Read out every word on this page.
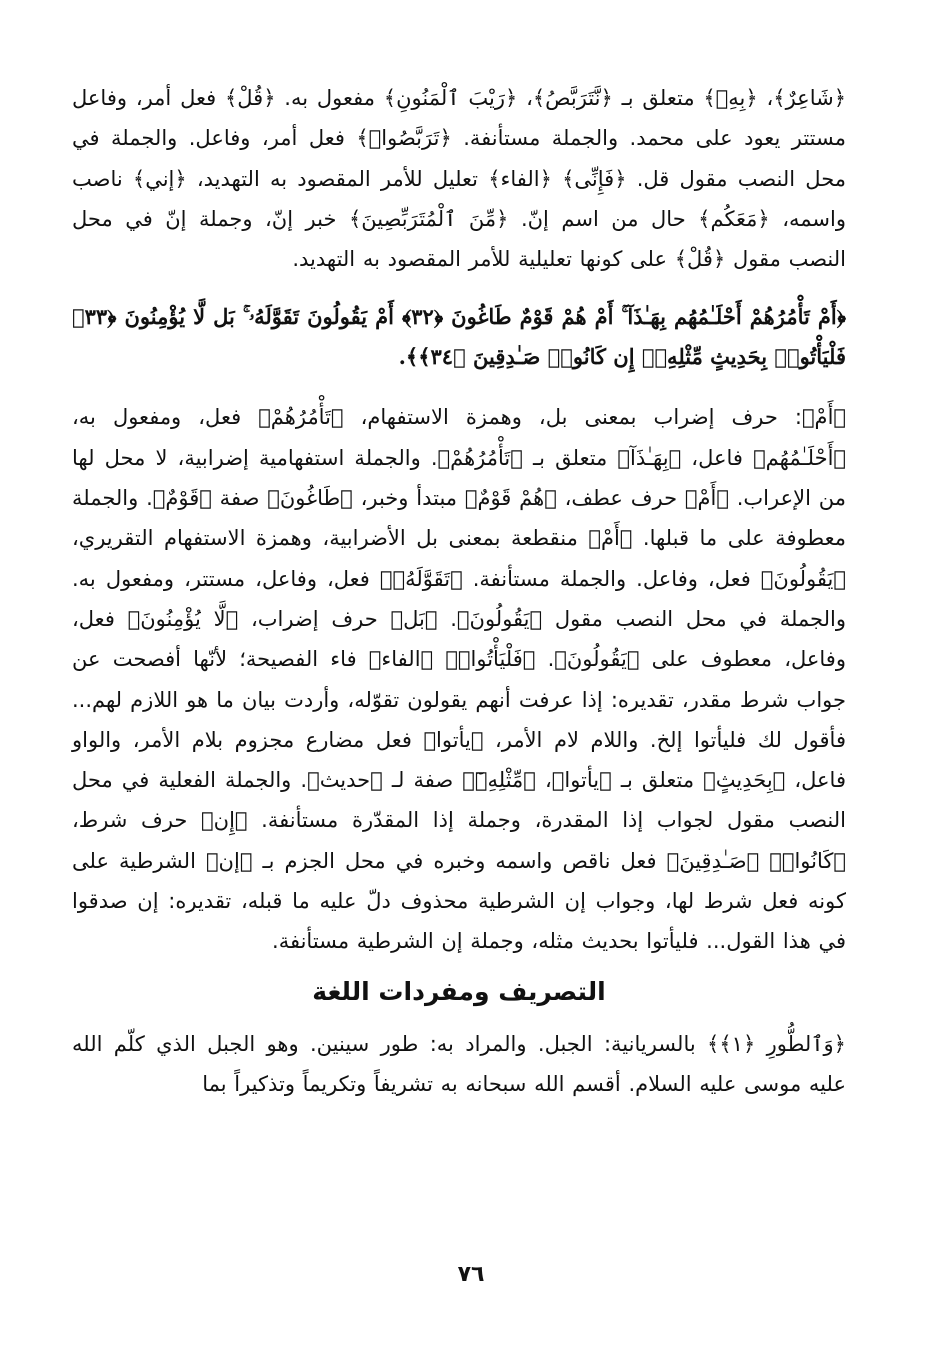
﴿شَاعِرٌ﴾، ﴿بِهِۦ﴾ متعلق بـ ﴿نَّتَرَبَّصُ﴾، ﴿رَيْبَ ٱلْمَنُونِ﴾ مفعول به. ﴿قُلْ﴾ فعل أمر، وفاعل مستتر يعود على محمد. والجملة مستأنفة. ﴿تَرَبَّصُوا۟﴾ فعل أمر، وفاعل. والجملة في محل النصب مقول قل. ﴿فَإِنِّى﴾ ﴿الفاء﴾ تعليل للأمر المقصود به التهديد، ﴿إني﴾ ناصب واسمه، ﴿مَعَكُم﴾ حال من اسم إنّ. ﴿مِّنَ ٱلْمُتَرَبِّصِينَ﴾ خبر إنّ، وجملة إنّ في محل النصب مقول ﴿قُلْ﴾ على كونها تعليلية للأمر المقصود به التهديد.

﴿أَمْ تَأْمُرُهُمْ أَحْلَـٰمُهُم بِهَـٰذَآ ۚ أَمْ هُمْ قَوْمٌ طَاغُونَ ﴿٣٢﴾ أَمْ يَقُولُونَ تَقَوَّلَهُۥ ۚ بَل لَّا يُؤْمِنُونَ ﴿٣٣﴾ فَلْيَأْتُوا۟ بِحَدِيثٍ مِّثْلِهِۦٓ إِن كَانُوا۟ صَـٰدِقِينَ ﴿٣٤﴾﴾.

﴿أَمْ﴾: حرف إضراب بمعنى بل، وهمزة الاستفهام، ﴿تَأْمُرُهُمْ﴾ فعل، ومفعول به، ﴿أَحْلَـٰمُهُم﴾ فاعل، ﴿بِهَـٰذَآ﴾ متعلق بـ ﴿تَأْمُرُهُمْ﴾. والجملة استفهامية إضرابية، لا محل لها من الإعراب. ﴿أَمْ﴾ حرف عطف، ﴿هُمْ قَوْمٌ﴾ مبتدأ وخبر، ﴿طَاغُونَ﴾ صفة ﴿قَوْمٌ﴾. والجملة معطوفة على ما قبلها. ﴿أَمْ﴾ منقطعة بمعنى بل الأضرابية، وهمزة الاستفهام التقريري، ﴿يَقُولُونَ﴾ فعل، وفاعل. والجملة مستأنفة. ﴿تَقَوَّلَهُۥ﴾ فعل، وفاعل، مستتر، ومفعول به. والجملة في محل النصب مقول ﴿يَقُولُونَ﴾. ﴿بَل﴾ حرف إضراب، ﴿لَّا يُؤْمِنُونَ﴾ فعل، وفاعل، معطوف على ﴿يَقُولُونَ﴾. ﴿فَلْيَأْتُوا۟﴾ ﴿الفاء﴾ فاء الفصيحة؛ لأنّها أفصحت عن جواب شرط مقدر، تقديره: إذا عرفت أنهم يقولون تقوّله، وأردت بيان ما هو اللازم لهم... فأقول لك فليأتوا إلخ. واللام لام الأمر، ﴿يأتوا﴾ فعل مضارع مجزوم بلام الأمر، والواو فاعل، ﴿بِحَدِيثٍ﴾ متعلق بـ ﴿يأتوا﴾، ﴿مِّثْلِهِۦٓ﴾ صفة لـ ﴿حديث﴾. والجملة الفعلية في محل النصب مقول لجواب إذا المقدرة، وجملة إذا المقدّرة مستأنفة. ﴿إِن﴾ حرف شرط، ﴿كَانُوا۟﴾ ﴿صَـٰدِقِينَ﴾ فعل ناقص واسمه وخبره في محل الجزم بـ ﴿إن﴾ الشرطية على كونه فعل شرط لها، وجواب إن الشرطية محذوف دلّ عليه ما قبله، تقديره: إن صدقوا في هذا القول... فليأتوا بحديث مثله، وجملة إن الشرطية مستأنفة.

التصريف ومفردات اللغة

﴿وَٱلطُّورِ ﴿١﴾﴾ بالسريانية: الجبل. والمراد به: طور سينين. وهو الجبل الذي كلّم الله عليه موسى عليه السلام. أقسم الله سبحانه به تشريفاً وتكريماً وتذكيراً بما

٧٦
